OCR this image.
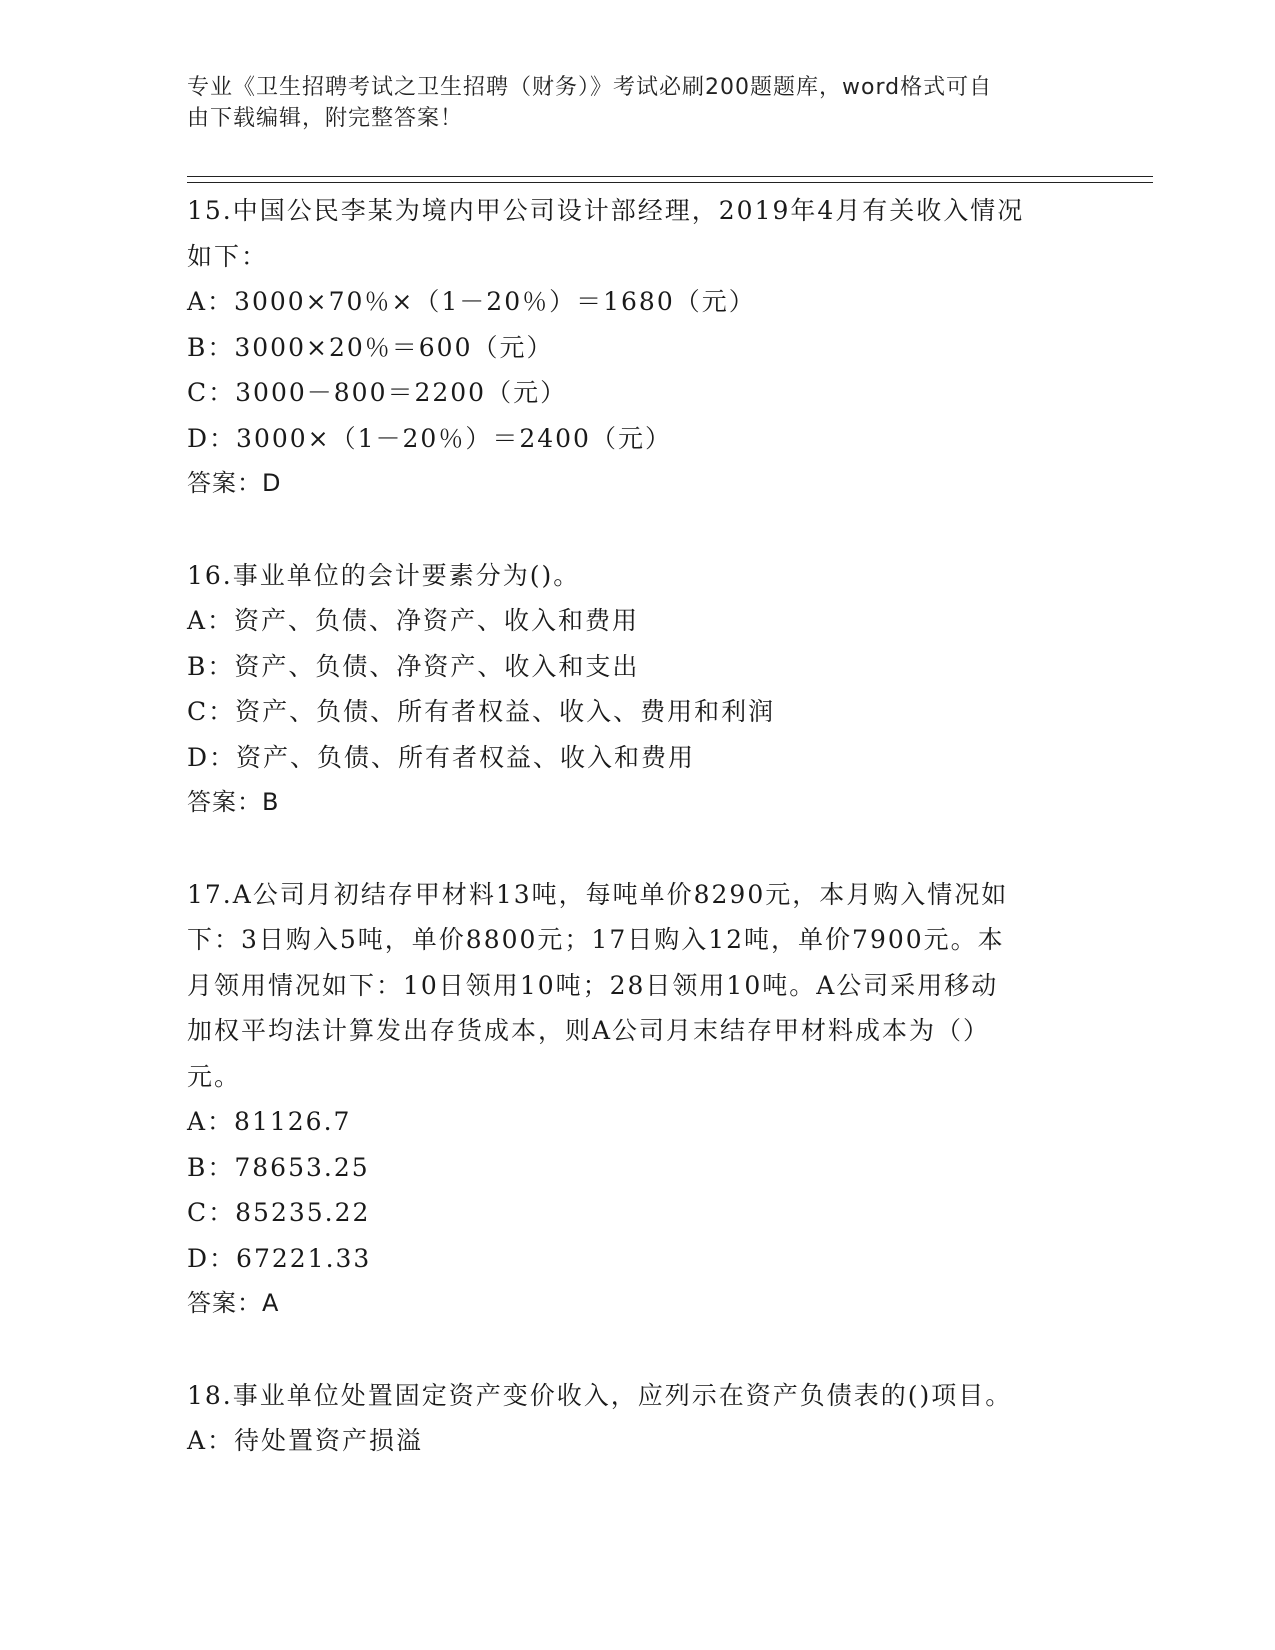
专业《卫生招聘考试之卫生招聘（财务）》考试必刷200题题库，word格式可自
由下载编辑，附完整答案！
15.中国公民李某为境内甲公司设计部经理，2019年4月有关收入情况
如下：
A：3000×70％×（1－20％）＝1680（元）
B：3000×20％＝600（元）
C：3000－800＝2200（元）
D：3000×（1－20％）＝2400（元）
答案：D
16.事业单位的会计要素分为()。
A：资产、负债、净资产、收入和费用
B：资产、负债、净资产、收入和支出
C：资产、负债、所有者权益、收入、费用和利润
D：资产、负债、所有者权益、收入和费用
答案：B
17.A公司月初结存甲材料13吨，每吨单价8290元，本月购入情况如
下：3日购入5吨，单价8800元；17日购入12吨，单价7900元。本
月领用情况如下：10日领用10吨；28日领用10吨。A公司采用移动
加权平均法计算发出存货成本，则A公司月末结存甲材料成本为（）
元。
A：81126.7
B：78653.25
C：85235.22
D：67221.33
答案：A
18.事业单位处置固定资产变价收入，应列示在资产负债表的()项目。
A：待处置资产损溢
